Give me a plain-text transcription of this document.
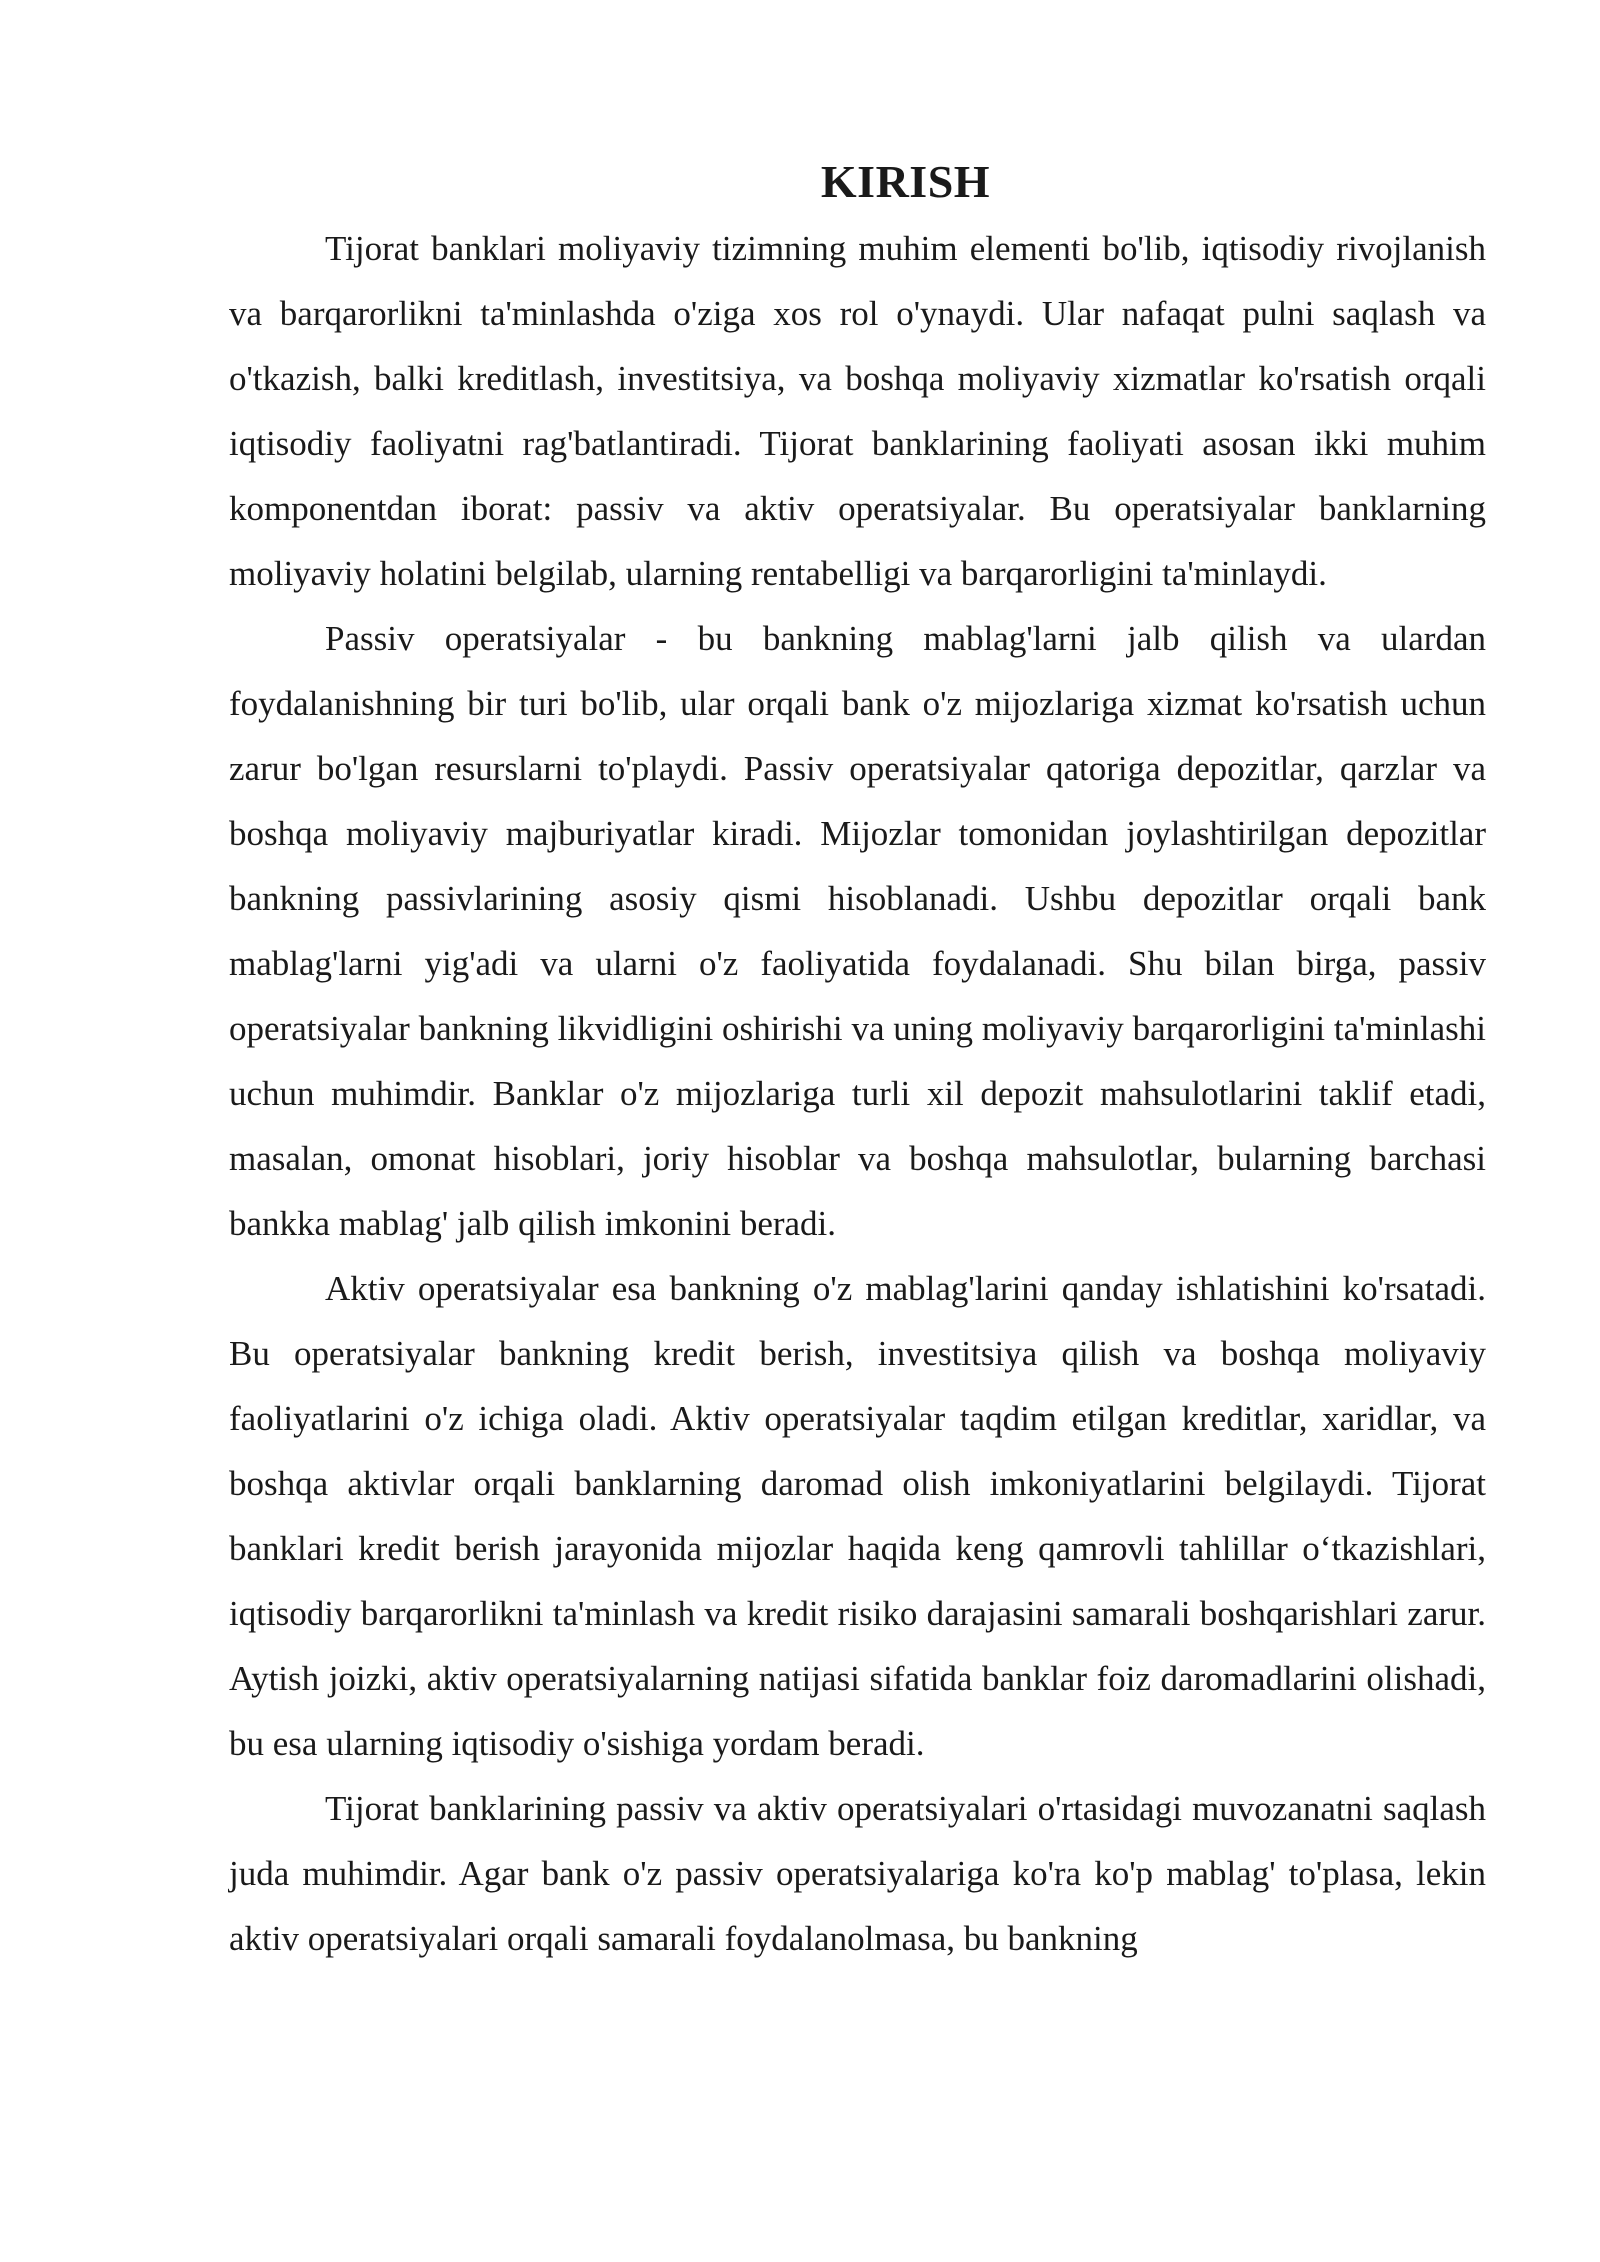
KIRISH

Tijorat banklari moliyaviy tizimning muhim elementi bo'lib, iqtisodiy rivojlanish va barqarorlikni ta'minlashda o'ziga xos rol o'ynaydi. Ular nafaqat pulni saqlash va o'tkazish, balki kreditlash, investitsiya, va boshqa moliyaviy xizmatlar ko'rsatish orqali iqtisodiy faoliyatni rag'batlantiradi. Tijorat banklarining faoliyati asosan ikki muhim komponentdan iborat: passiv va aktiv operatsiyalar. Bu operatsiyalar banklarning moliyaviy holatini belgilab, ularning rentabelligi va barqarorligini ta'minlaydi.

Passiv operatsiyalar - bu bankning mablag'larni jalb qilish va ulardan foydalanishning bir turi bo'lib, ular orqali bank o'z mijozlariga xizmat ko'rsatish uchun zarur bo'lgan resurslarni to'playdi. Passiv operatsiyalar qatoriga depozitlar, qarzlar va boshqa moliyaviy majburiyatlar kiradi. Mijozlar tomonidan joylashtirilgan depozitlar bankning passivlarining asosiy qismi hisoblanadi. Ushbu depozitlar orqali bank mablag'larni yig'adi va ularni o'z faoliyatida foydalanadi. Shu bilan birga, passiv operatsiyalar bankning likvidligini oshirishi va uning moliyaviy barqarorligini ta'minlashi uchun muhimdir. Banklar o'z mijozlariga turli xil depozit mahsulotlarini taklif etadi, masalan, omonat hisoblari, joriy hisoblar va boshqa mahsulotlar, bularning barchasi bankka mablag' jalb qilish imkonini beradi.

Aktiv operatsiyalar esa bankning o'z mablag'larini qanday ishlatishini ko'rsatadi. Bu operatsiyalar bankning kredit berish, investitsiya qilish va boshqa moliyaviy faoliyatlarini o'z ichiga oladi. Aktiv operatsiyalar taqdim etilgan kreditlar, xaridlar, va boshqa aktivlar orqali banklarning daromad olish imkoniyatlarini belgilaydi. Tijorat banklari kredit berish jarayonida mijozlar haqida keng qamrovli tahlillar o‘tkazishlari, iqtisodiy barqarorlikni ta'minlash va kredit risiko darajasini samarali boshqarishlari zarur. Aytish joizki, aktiv operatsiyalarning natijasi sifatida banklar foiz daromadlarini olishadi, bu esa ularning iqtisodiy o'sishiga yordam beradi.

Tijorat banklarining passiv va aktiv operatsiyalari o'rtasidagi muvozanatni saqlash juda muhimdir. Agar bank o'z passiv operatsiyalariga ko'ra ko'p mablag' to'plasa, lekin aktiv operatsiyalari orqali samarali foydalanolmasa, bu bankning
